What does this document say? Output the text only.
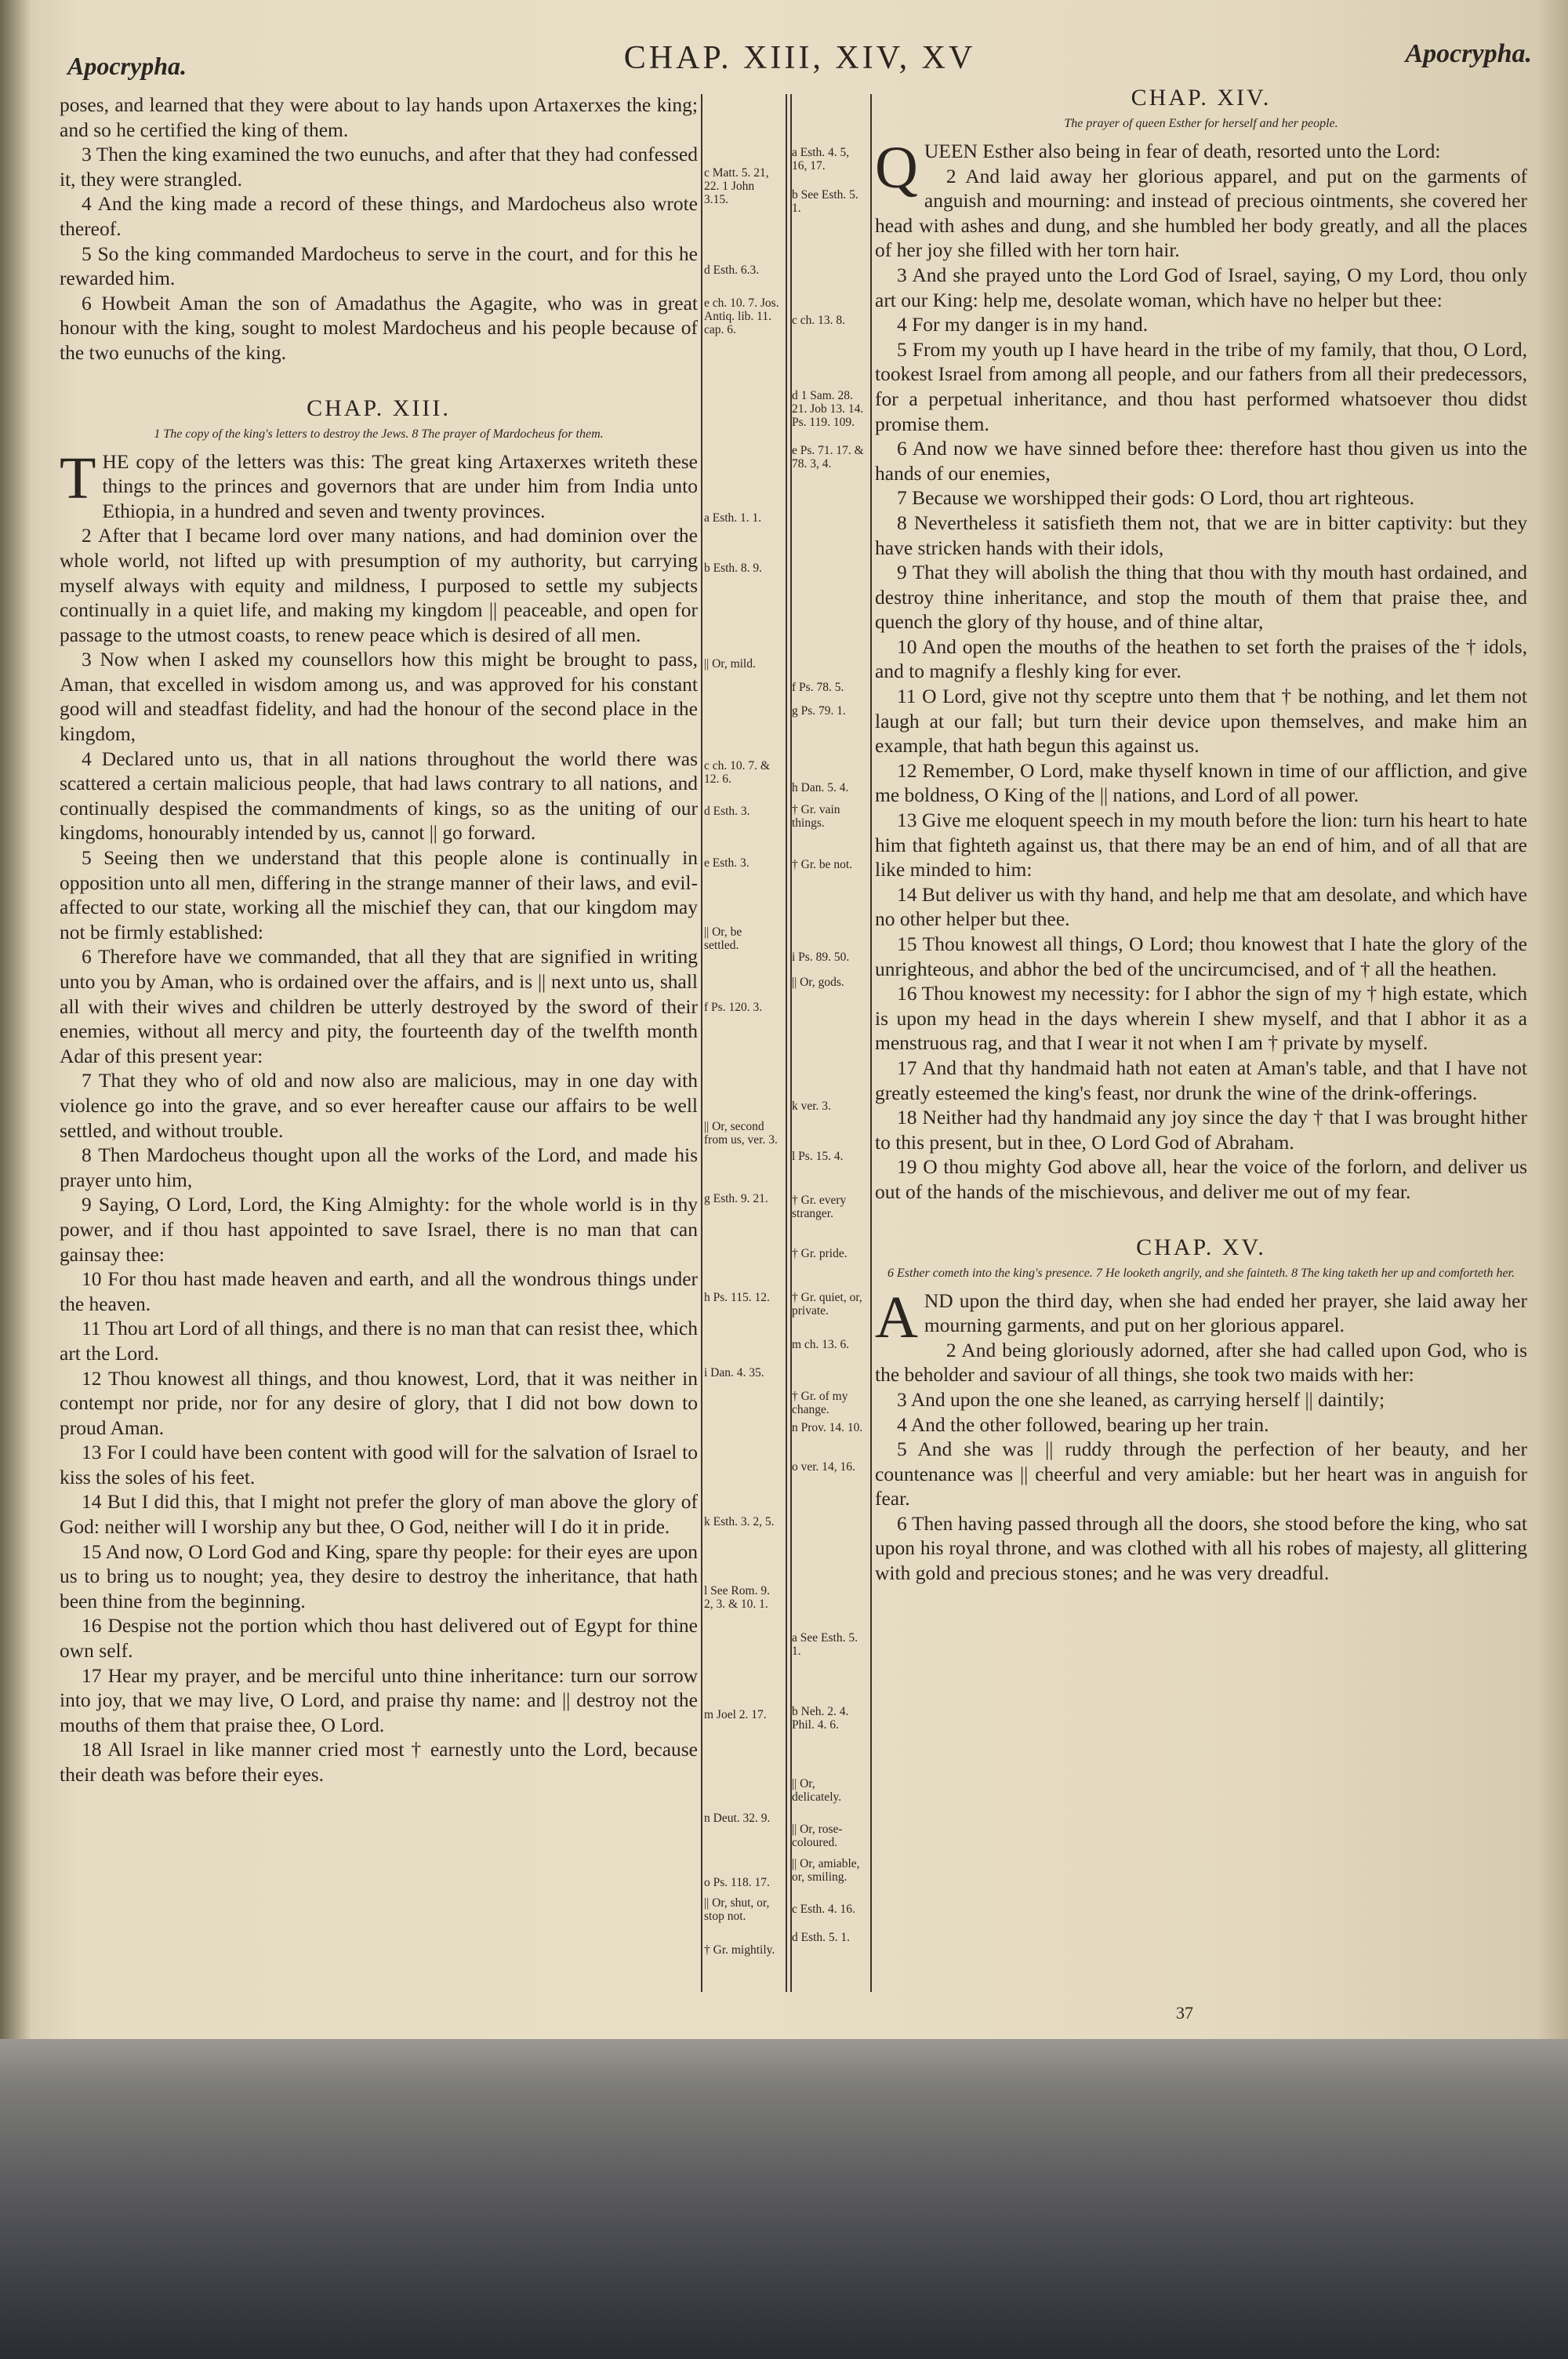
Apocrypha.	CHAP. XIII, XIV, XV	Apocrypha.

poses, and learned that they were about to lay hands upon Artaxerxes the king; and so he certified the king of them.

3 Then the king examined the two eunuchs, and after that they had confessed it, they were strangled.

4 And the king made a record of these things, and Mardocheus also wrote thereof.

5 So the king commanded Mardocheus to serve in the court, and for this he rewarded him.

6 Howbeit Aman the son of Amadathus the Agagite, who was in great honour with the king, sought to molest Mardocheus and his people because of the two eunuchs of the king.

CHAP. XIII.
1 The copy of the king's letters to destroy the Jews. 8 The prayer of Mardocheus for them.

THE copy of the letters was this: The great king Artaxerxes writeth these things to the princes and governors that are under him from India unto Ethiopia, in a hundred and seven and twenty provinces.

2 After that I became lord over many nations, and had dominion over the whole world, not lifted up with presumption of my authority, but carrying myself always with equity and mildness, I purposed to settle my subjects continually in a quiet life, and making my kingdom || peaceable, and open for passage to the utmost coasts, to renew peace which is desired of all men.

3 Now when I asked my counsellors how this might be brought to pass, Aman, that excelled in wisdom among us, and was approved for his constant good will and steadfast fidelity, and had the honour of the second place in the kingdom,

4 Declared unto us, that in all nations throughout the world there was scattered a certain malicious people, that had laws contrary to all nations, and continually despised the commandments of kings, so as the uniting of our kingdoms, honourably intended by us, cannot || go forward.

5 Seeing then we understand that this people alone is continually in opposition unto all men, differing in the strange manner of their laws, and evil-affected to our state, working all the mischief they can, that our kingdom may not be firmly established:

6 Therefore have we commanded, that all they that are signified in writing unto you by Aman, who is ordained over the affairs, and is || next unto us, shall all with their wives and children be utterly destroyed by the sword of their enemies, without all mercy and pity, the fourteenth day of the twelfth month Adar of this present year:

7 That they who of old and now also are malicious, may in one day with violence go into the grave, and so ever hereafter cause our affairs to be well settled, and without trouble.

8 Then Mardocheus thought upon all the works of the Lord, and made his prayer unto him,

9 Saying, O Lord, Lord, the King Almighty: for the whole world is in thy power, and if thou hast appointed to save Israel, there is no man that can gainsay thee:

10 For thou hast made heaven and earth, and all the wondrous things under the heaven.

11 Thou art Lord of all things, and there is no man that can resist thee, which art the Lord.

12 Thou knowest all things, and thou knowest, Lord, that it was neither in contempt nor pride, nor for any desire of glory, that I did not bow down to proud Aman.

13 For I could have been content with good will for the salvation of Israel to kiss the soles of his feet.

14 But I did this, that I might not prefer the glory of man above the glory of God: neither will I worship any but thee, O God, neither will I do it in pride.

15 And now, O Lord God and King, spare thy people: for their eyes are upon us to bring us to nought; yea, they desire to destroy the inheritance, that hath been thine from the beginning.

16 Despise not the portion which thou hast delivered out of Egypt for thine own self.

17 Hear my prayer, and be merciful unto thine inheritance: turn our sorrow into joy, that we may live, O Lord, and praise thy name: and || destroy not the mouths of them that praise thee, O Lord.

18 All Israel in like manner cried most † earnestly unto the Lord, because their death was before their eyes.

c Matt. 5. 21, 22. 1 John 3.15.
d Esth. 6.3.
e ch. 10. 7. Jos. Antiq. lib. 11. cap. 6.
a Esth. 1. 1.
b Esth. 8. 9.
|| Or, mild.
c ch. 10. 7. & 12. 6.
d Esth. 3.
e Esth. 3.
|| Or, be settled.
f Ps. 120. 3.
|| Or, second from us, ver. 3.
g Esth. 9. 21.
h Ps. 115. 12.
i Dan. 4. 35.
k Esth. 3. 2, 5.
l See Rom. 9. 2, 3. & 10. 1.
m Joel 2. 17.
n Deut. 32. 9.
o Ps. 118. 17.
|| Or, shut, or, stop not.
† Gr. mightily.
a Esth. 4. 5, 16, 17.
b See Esth. 5. 1.
c ch. 13. 8.
d 1 Sam. 28. 21. Job 13. 14. Ps. 119. 109.
e Ps. 71. 17. & 78. 3, 4.
f Ps. 78. 5.
g Ps. 79. 1.
h Dan. 5. 4.
† Gr. vain things.
† Gr. be not.
i Ps. 89. 50.
|| Or, gods.
k ver. 3.
l Ps. 15. 4.
† Gr. every stranger.
† Gr. pride.
† Gr. quiet, or, private.
m ch. 13. 6.
† Gr. of my change.
n Prov. 14. 10.
o ver. 14, 16.
a See Esth. 5. 1.
b Neh. 2. 4. Phil. 4. 6.
|| Or, delicately.
|| Or, rose-coloured.
|| Or, amiable, or, smiling.
c Esth. 4. 16.
d Esth. 5. 1.
CHAP. XIV.
The prayer of queen Esther for herself and her people.

QUEEN Esther also being in fear of death, resorted unto the Lord:

2 And laid away her glorious apparel, and put on the garments of anguish and mourning: and instead of precious ointments, she covered her head with ashes and dung, and she humbled her body greatly, and all the places of her joy she filled with her torn hair.

3 And she prayed unto the Lord God of Israel, saying, O my Lord, thou only art our King: help me, desolate woman, which have no helper but thee:

4 For my danger is in my hand.

5 From my youth up I have heard in the tribe of my family, that thou, O Lord, tookest Israel from among all people, and our fathers from all their predecessors, for a perpetual inheritance, and thou hast performed whatsoever thou didst promise them.

6 And now we have sinned before thee: therefore hast thou given us into the hands of our enemies,

7 Because we worshipped their gods: O Lord, thou art righteous.

8 Nevertheless it satisfieth them not, that we are in bitter captivity: but they have stricken hands with their idols,

9 That they will abolish the thing that thou with thy mouth hast ordained, and destroy thine inheritance, and stop the mouth of them that praise thee, and quench the glory of thy house, and of thine altar,

10 And open the mouths of the heathen to set forth the praises of the † idols, and to magnify a fleshly king for ever.

11 O Lord, give not thy sceptre unto them that † be nothing, and let them not laugh at our fall; but turn their device upon themselves, and make him an example, that hath begun this against us.

12 Remember, O Lord, make thyself known in time of our affliction, and give me boldness, O King of the || nations, and Lord of all power.

13 Give me eloquent speech in my mouth before the lion: turn his heart to hate him that fighteth against us, that there may be an end of him, and of all that are like minded to him:

14 But deliver us with thy hand, and help me that am desolate, and which have no other helper but thee.

15 Thou knowest all things, O Lord; thou knowest that I hate the glory of the unrighteous, and abhor the bed of the uncircumcised, and of † all the heathen.

16 Thou knowest my necessity: for I abhor the sign of my † high estate, which is upon my head in the days wherein I shew myself, and that I abhor it as a menstruous rag, and that I wear it not when I am † private by myself.

17 And that thy handmaid hath not eaten at Aman's table, and that I have not greatly esteemed the king's feast, nor drunk the wine of the drink-offerings.

18 Neither had thy handmaid any joy since the day † that I was brought hither to this present, but in thee, O Lord God of Abraham.

19 O thou mighty God above all, hear the voice of the forlorn, and deliver us out of the hands of the mischievous, and deliver me out of my fear.

CHAP. XV.
6 Esther cometh into the king's presence. 7 He looketh angrily, and she fainteth. 8 The king taketh her up and comforteth her.

AND upon the third day, when she had ended her prayer, she laid away her mourning garments, and put on her glorious apparel.

2 And being gloriously adorned, after she had called upon God, who is the beholder and saviour of all things, she took two maids with her:

3 And upon the one she leaned, as carrying herself || daintily;

4 And the other followed, bearing up her train.

5 And she was || ruddy through the perfection of her beauty, and her countenance was || cheerful and very amiable: but her heart was in anguish for fear.

6 Then having passed through all the doors, she stood before the king, who sat upon his royal throne, and was clothed with all his robes of majesty, all glittering with gold and precious stones; and he was very dreadful.

37
